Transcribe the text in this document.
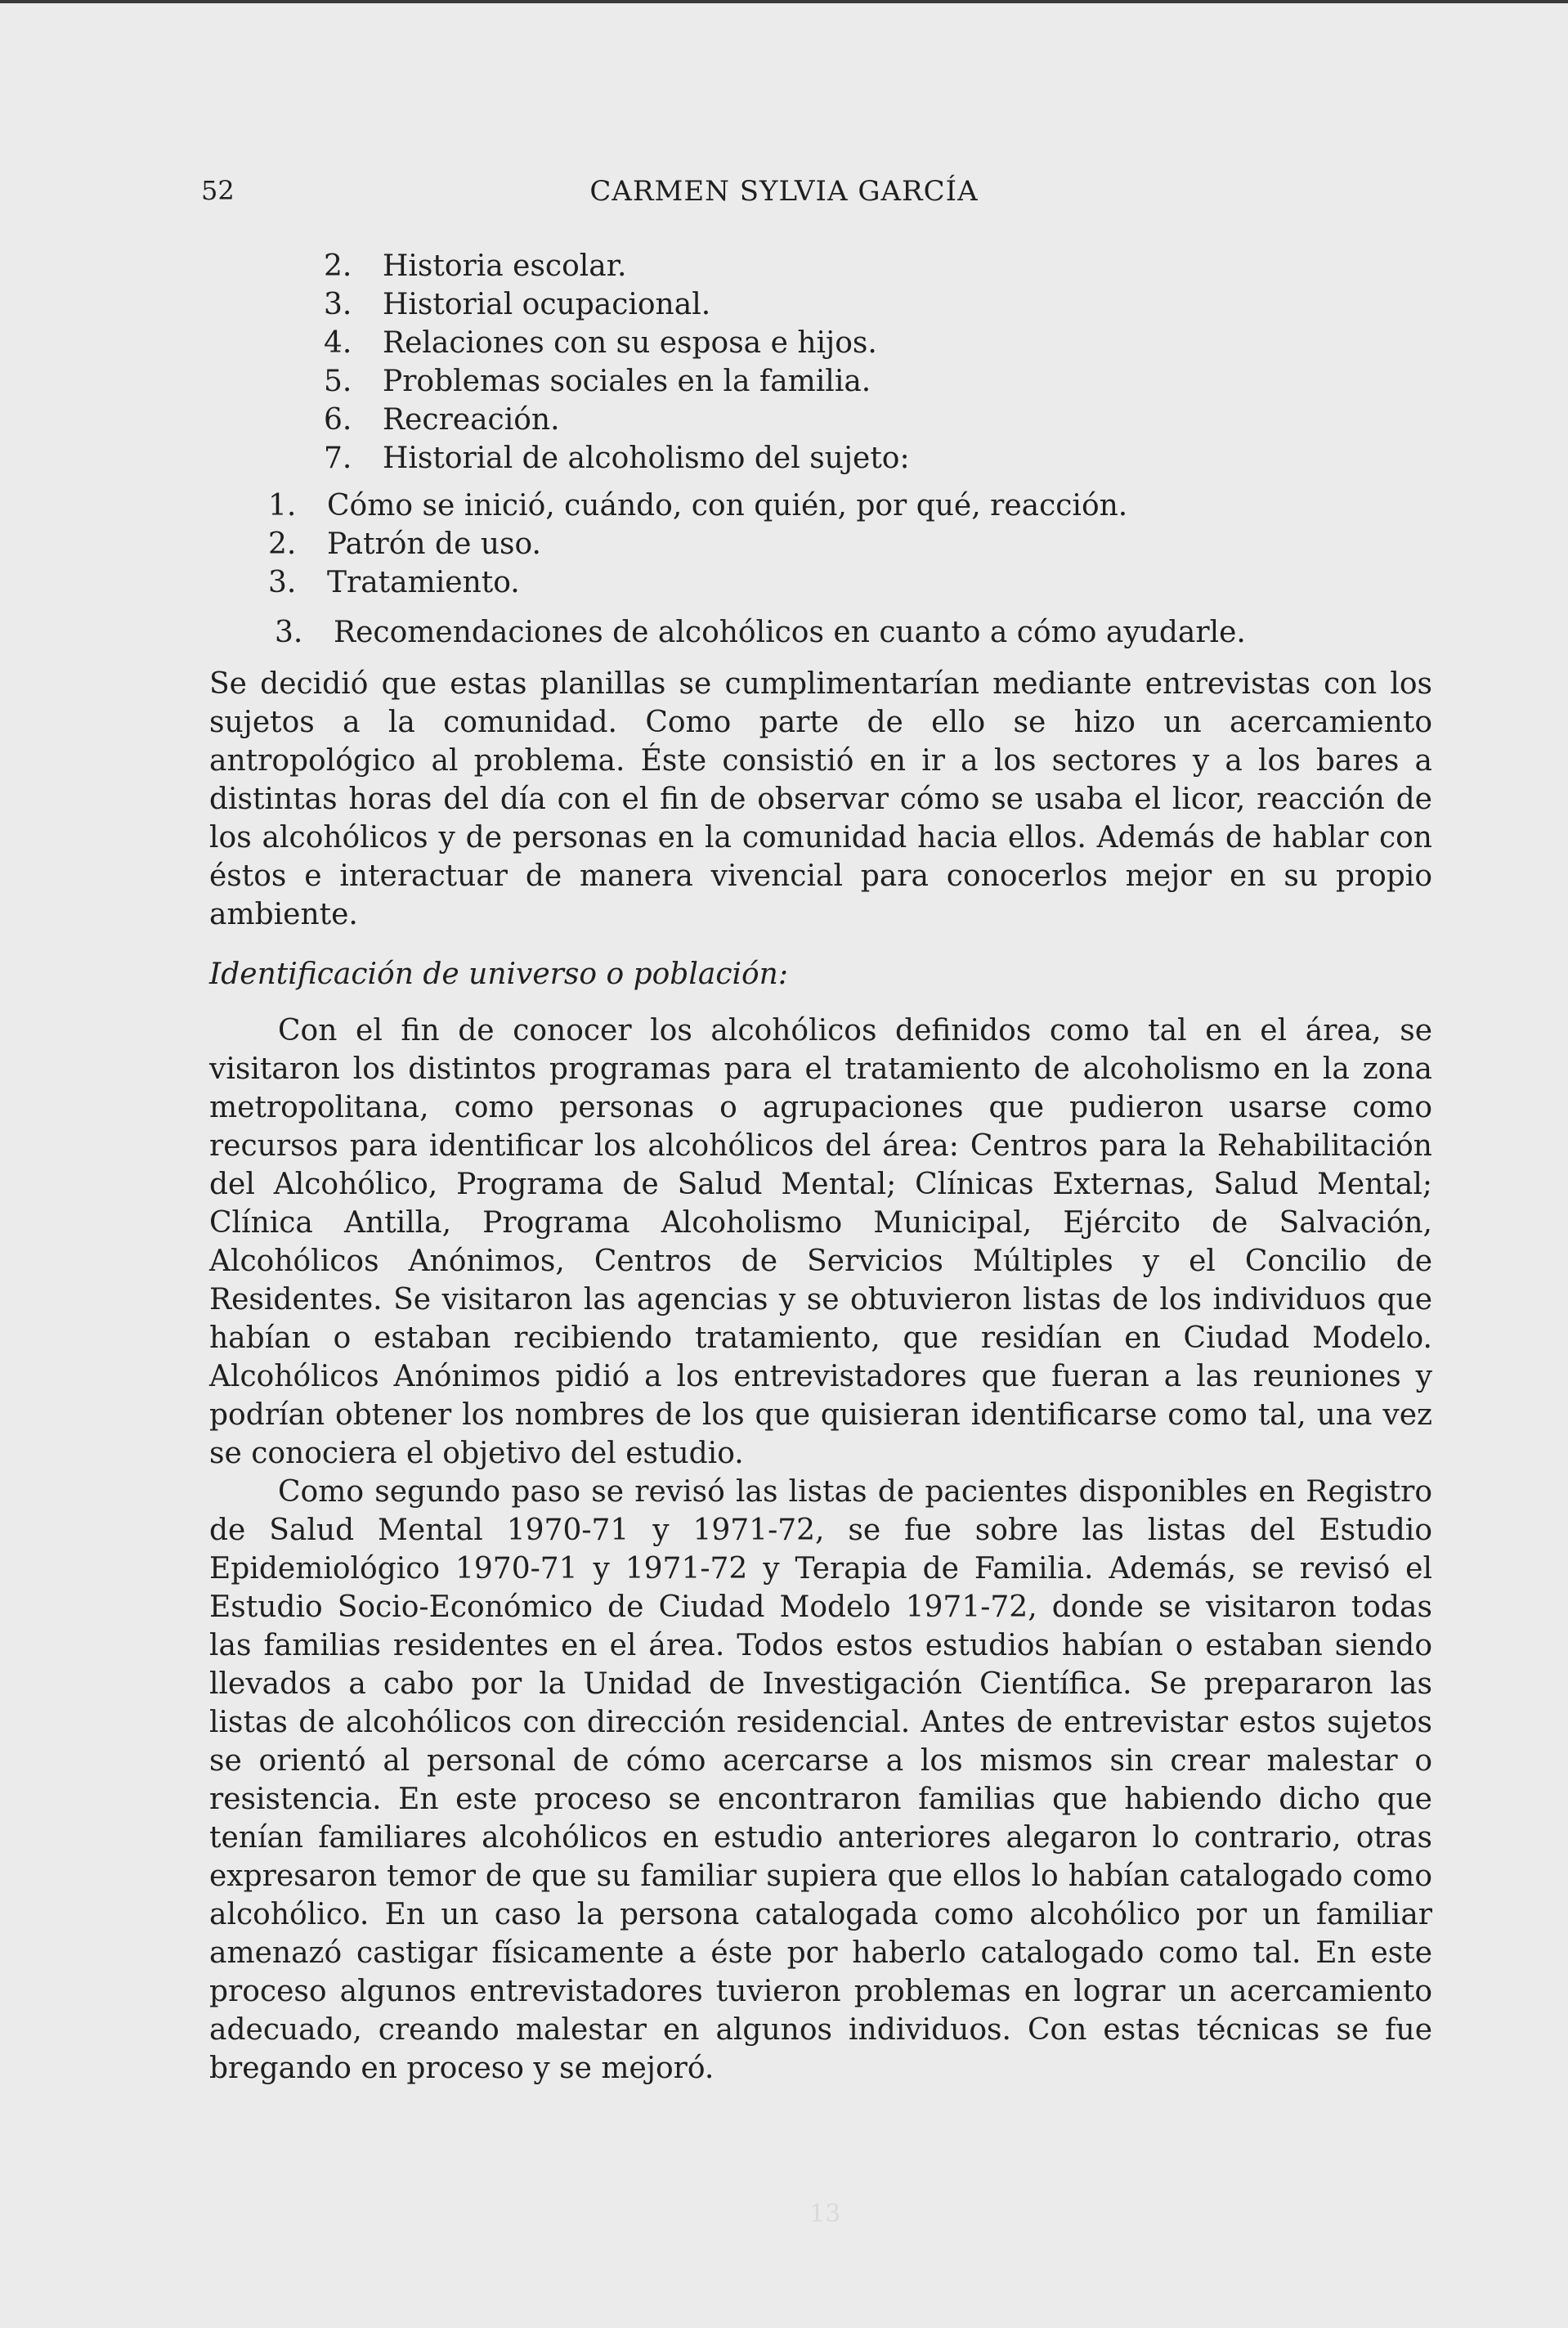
52	CARMEN SYLVIA GARCÍA
2. Historia escolar.
3. Historial ocupacional.
4. Relaciones con su esposa e hijos.
5. Problemas sociales en la familia.
6. Recreación.
7. Historial de alcoholismo del sujeto:
1. Cómo se inició, cuándo, con quién, por qué, reacción.
2. Patrón de uso.
3. Tratamiento.
3. Recomendaciones de alcohólicos en cuanto a cómo ayudarle.

Se decidió que estas planillas se cumplimentarían mediante entrevistas con los sujetos a la comunidad. Como parte de ello se hizo un acercamiento antropológico al problema. Éste consistió en ir a los sectores y a los bares a distintas horas del día con el fin de observar cómo se usaba el licor, reacción de los alcohólicos y de personas en la comunidad hacia ellos. Además de hablar con éstos e interactuar de manera vivencial para conocerlos mejor en su propio ambiente.

Identificación de universo o población:

Con el fin de conocer los alcohólicos definidos como tal en el área, se visitaron los distintos programas para el tratamiento de alcoholismo en la zona metropolitana, como personas o agrupaciones que pudieron usarse como recursos para identificar los alcohólicos del área: Centros para la Rehabilitación del Alcohólico, Programa de Salud Mental; Clínicas Externas, Salud Mental; Clínica Antilla, Programa Alcoholismo Municipal, Ejército de Salvación, Alcohólicos Anónimos, Centros de Servicios Múltiples y el Concilio de Residentes. Se visitaron las agencias y se obtuvieron listas de los individuos que habían o estaban recibiendo tratamiento, que residían en Ciudad Modelo. Alcohólicos Anónimos pidió a los entrevistadores que fueran a las reuniones y podrían obtener los nombres de los que quisieran identificarse como tal, una vez se conociera el objetivo del estudio.

Como segundo paso se revisó las listas de pacientes disponibles en Registro de Salud Mental 1970-71 y 1971-72, se fue sobre las listas del Estudio Epidemiológico 1970-71 y 1971-72 y Terapia de Familia. Además, se revisó el Estudio Socio-Económico de Ciudad Modelo 1971-72, donde se visitaron todas las familias residentes en el área. Todos estos estudios habían o estaban siendo llevados a cabo por la Unidad de Investigación Científica. Se prepararon las listas de alcohólicos con dirección residencial. Antes de entrevistar estos sujetos se orientó al personal de cómo acercarse a los mismos sin crear malestar o resistencia. En este proceso se encontraron familias que habiendo dicho que tenían familiares alcohólicos en estudio anteriores alegaron lo contrario, otras expresaron temor de que su familiar supiera que ellos lo habían catalogado como alcohólico. En un caso la persona catalogada como alcohólico por un familiar amenazó castigar físicamente a éste por haberlo catalogado como tal. En este proceso algunos entrevistadores tuvieron problemas en lograr un acercamiento adecuado, creando malestar en algunos individuos. Con estas técnicas se fue bregando en proceso y se mejoró.

13
